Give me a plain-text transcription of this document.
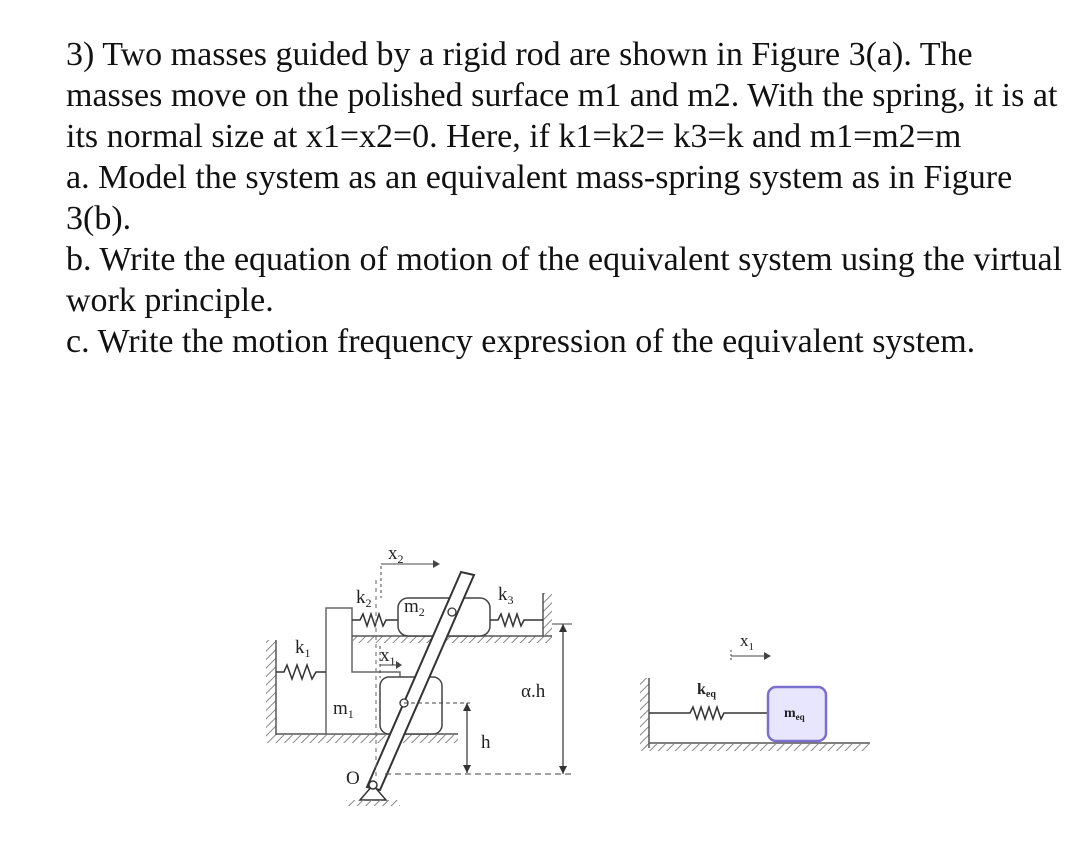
3) Two masses guided by a rigid rod are shown in Figure 3(a). The masses move on the polished surface m1 and m2. With the spring, it is at its normal size at x1=x2=0. Here, if k1=k2= k3=k and m1=m2=m

a. Model the system as an equivalent mass-spring system as in Figure 3(b).

b. Write the equation of motion of the equivalent system using the virtual work principle.

c. Write the motion frequency expression of the equivalent system.

$k_1$
$k_2$ $m_2$
$k_3$
$m_1$
O
$x_2$
$x_1$
h
α.h	keq
$m_{eq}$
$x_1$
